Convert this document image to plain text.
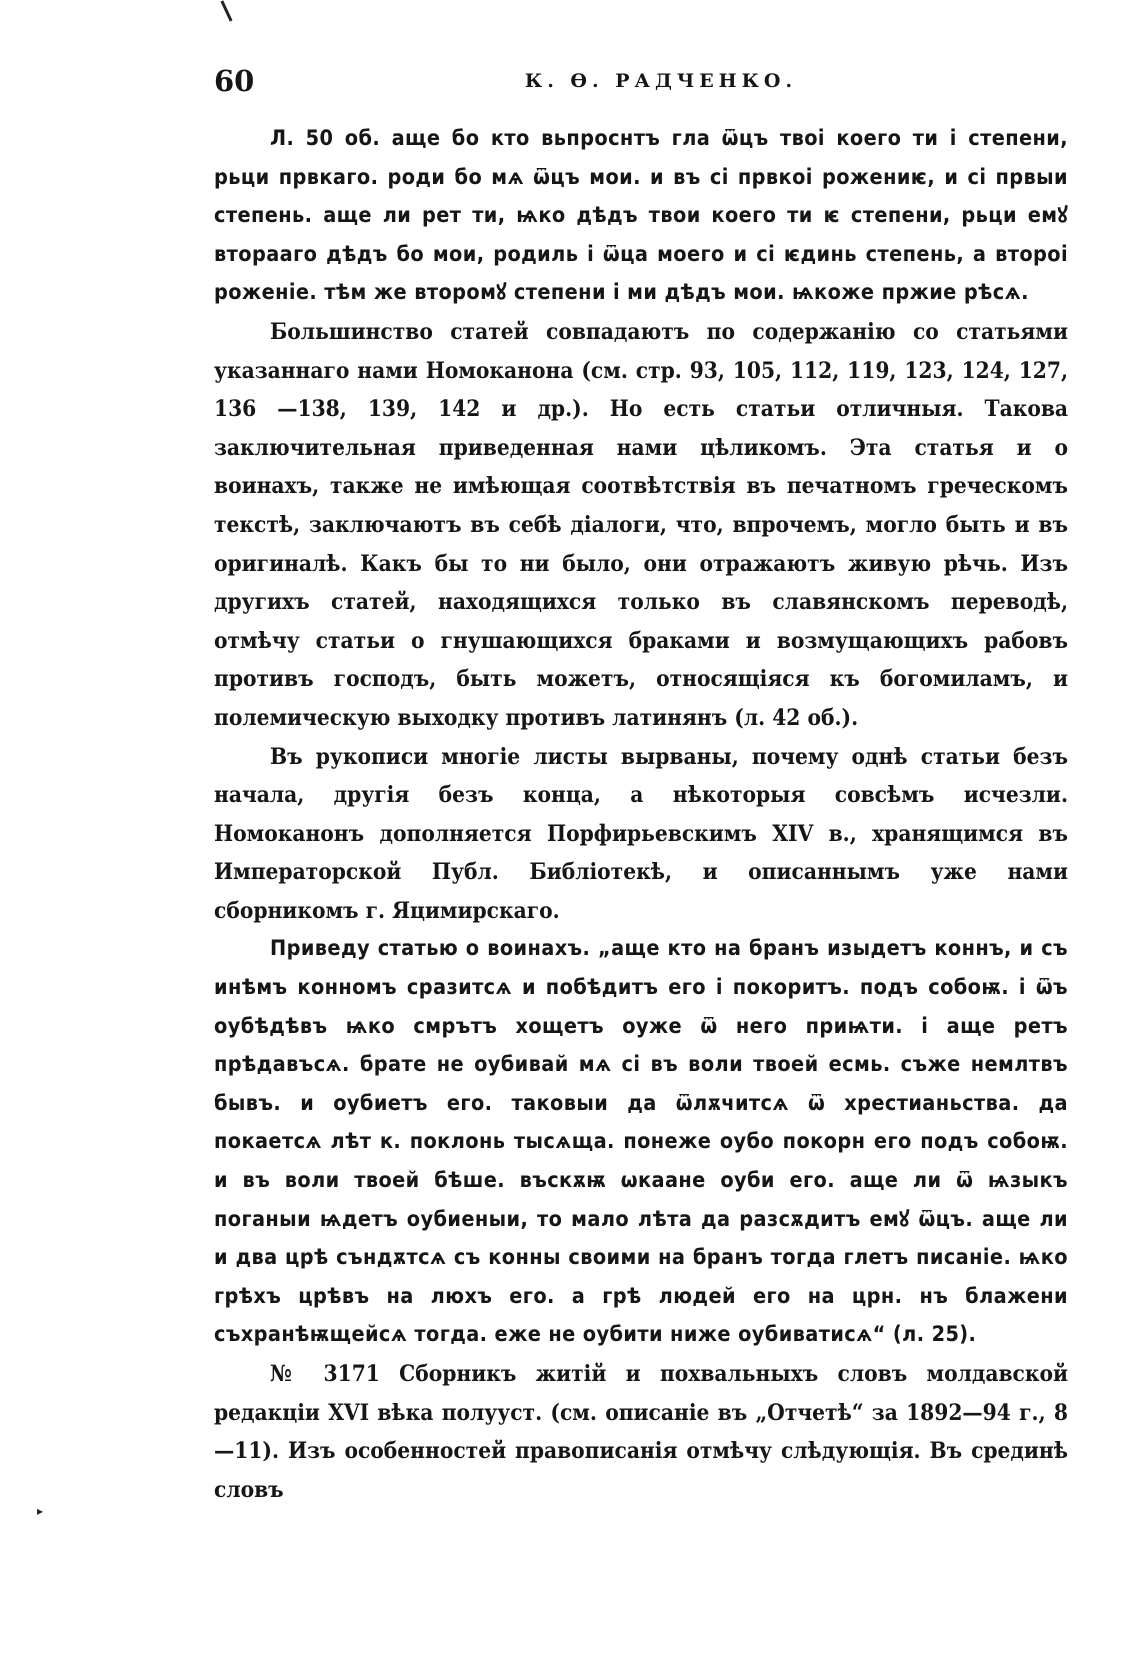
60	К. Ѳ. РАДЧЕНКО.

Л. 50 об. аще бо кто вьпроснтъ гла ѿцъ твоі коего ти і степени, рьци првкаго. роди бо мѧ ѿцъ мои. и въ сі првкоі рожениѥ, и сі првыи степень. аще ли рет ти, ѩко дѣдъ твои коего ти ѥ степени, рьци емꙋ вторааго дѣдъ бо мои, родиль і ѿца моего и сі ѥдинь степень, а вторοі роженіе. тѣм же второмꙋ степени і ми дѣдъ мои. ѩкоже пржие рѣсѧ.

Большинство статей совпадаютъ по содержанію со статьями указаннаго нами Номоканона (см. стр. 93, 105, 112, 119, 123, 124, 127, 136 —138, 139, 142 и др.). Но есть статьи отличныя. Такова заключительная приведенная нами цѣликомъ. Эта статья и о воинахъ, также не имѣющая соотвѣтствія въ печатномъ греческомъ текстѣ, заключаютъ въ себѣ діалоги, что, впрочемъ, могло быть и въ оригиналѣ. Какъ бы то ни было, они отражаютъ живую рѣчь. Изъ другихъ статей, находящихся только въ славянскомъ переводѣ, отмѣчу статьи о гнушающихся браками и возмущающихъ рабовъ противъ господъ, быть можетъ, относящіяся къ богомиламъ, и полемическую выходку противъ латинянъ (л. 42 об.).

Въ рукописи многіе листы вырваны, почему однѣ статьи безъ начала, другія безъ конца, а нѣкоторыя совсѣмъ исчезли. Номоканонъ дополняется Порфирьевскимъ XIV в., хранящимся въ Императорской Публ. Библіотекѣ, и описаннымъ уже нами сборникомъ г. Яцимирскаго.

Приведу статью о воинахъ. „аще кто на бранъ изыдетъ коннъ, и съ инѣмъ конномъ сразитсѧ и побѣдитъ его і покоритъ. подъ собоѭ. і ѿъ оубѣдѣвъ ѩко смрътъ хощетъ оуже ѿ него приѩти. і аще ретъ прѣдавъсѧ. брате не оубивай мѧ сі въ воли твоей есмь. съже немлтвъ бывъ. и оубиетъ его. таковыи да ѿлѫчитсѧ ѿ хрестианьства. да покаетсѧ лѣт к. поклонь тысѧща. понеже оубо покорн его подъ собоѭ. и въ воли твоей бѣше. въскѫѭ ѡкаане оуби его. аще ли ѿ ѩзыкъ поганыи ѩдетъ оубиеныи, то мало лѣта да разсѫдитъ емꙋ ѿцъ. аще ли и два црѣ съндѫтсѧ съ конны своими на бранъ тогда глетъ писаніе. ѩко грѣхъ црѣвъ на люхъ его. а грѣ людей его на црн. нъ блажени съхранѣѭщейсѧ тогда. еже не оубити ниже оубиватисѧ“ (л. 25).

№ 3171 Сборникъ житій и похвальныхъ словъ молдавской редакціи XVI вѣка полууст. (см. описаніе въ „Отчетѣ“ за 1892—94 г., 8—11). Изъ особенностей правописанія отмѣчу слѣдующія. Въ срединѣ словъ

▸
